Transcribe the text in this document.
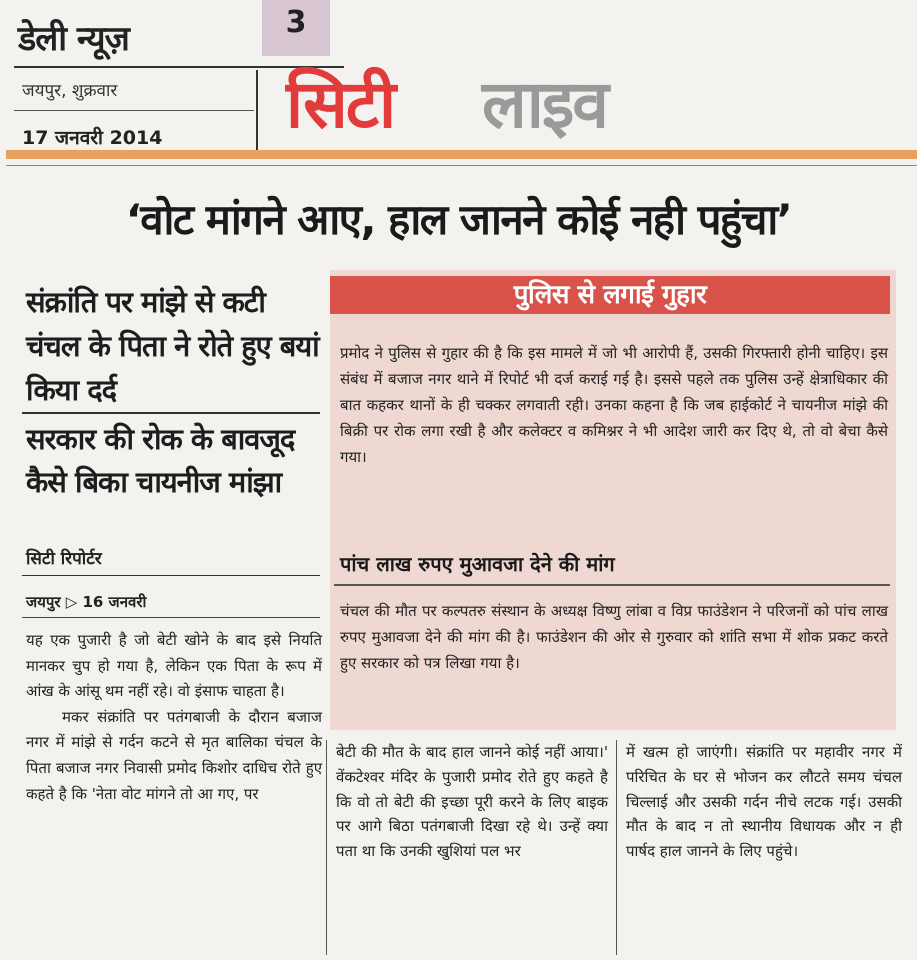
डेली न्यूज़
जयपुर, शुक्रवार
17 जनवरी 2014
3
सिटी लाइव
‘वोट मांगने आए, हाल जानने कोई नही पहुंचा’
संक्रांति पर मांझे से कटी चंचल के पिता ने रोते हुए बयां किया दर्द
सरकार की रोक के बावजूद कैसे बिका चायनीज मांझा
सिटी रिपोर्टर
जयपुर ▷ 16 जनवरी

यह एक पुजारी है जो बेटी खोने के बाद इसे नियति मानकर चुप हो गया है, लेकिन एक पिता के रूप में आंख के आंसू थम नहीं रहे। वो इंसाफ चाहता है।

मकर संक्रांति पर पतंगबाजी के दौरान बजाज नगर में मांझे से गर्दन कटने से मृत बालिका चंचल के पिता बजाज नगर निवासी प्रमोद किशोर दाधिच रोते हुए कहते है कि 'नेता वोट मांगने तो आ गए, पर

पुलिस से लगाई गुहार
प्रमोद ने पुलिस से गुहार की है कि इस मामले में जो भी आरोपी हैं, उसकी गिरफ्तारी होनी चाहिए। इस संबंध में बजाज नगर थाने में रिपोर्ट भी दर्ज कराई गई है। इससे पहले तक पुलिस उन्हें क्षेत्राधिकार की बात कहकर थानों के ही चक्कर लगवाती रही। उनका कहना है कि जब हाईकोर्ट ने चायनीज मांझे की बिक्री पर रोक लगा रखी है और कलेक्टर व कमिश्नर ने भी आदेश जारी कर दिए थे, तो वो बेचा कैसे गया।
पांच लाख रुपए मुआवजा देने की मांग
चंचल की मौत पर कल्पतरु संस्थान के अध्यक्ष विष्णु लांबा व विप्र फाउंडेशन ने परिजनों को पांच लाख रुपए मुआवजा देने की मांग की है। फाउंडेशन की ओर से गुरुवार को शांति सभा में शोक प्रकट करते हुए सरकार को पत्र लिखा गया है।
बेटी की मौत के बाद हाल जानने कोई नहीं आया।' वेंकटेश्वर मंदिर के पुजारी प्रमोद रोते हुए कहते है कि वो तो बेटी की इच्छा पूरी करने के लिए बाइक पर आगे बिठा पतंगबाजी दिखा रहे थे। उन्हें क्या पता था कि उनकी खुशियां पल भर
में खत्म हो जाएंगी। संक्रांति पर महावीर नगर में परिचित के घर से भोजन कर लौटते समय चंचल चिल्लाई और उसकी गर्दन नीचे लटक गई। उसकी मौत के बाद न तो स्थानीय विधायक और न ही पार्षद हाल जानने के लिए पहुंचे।
